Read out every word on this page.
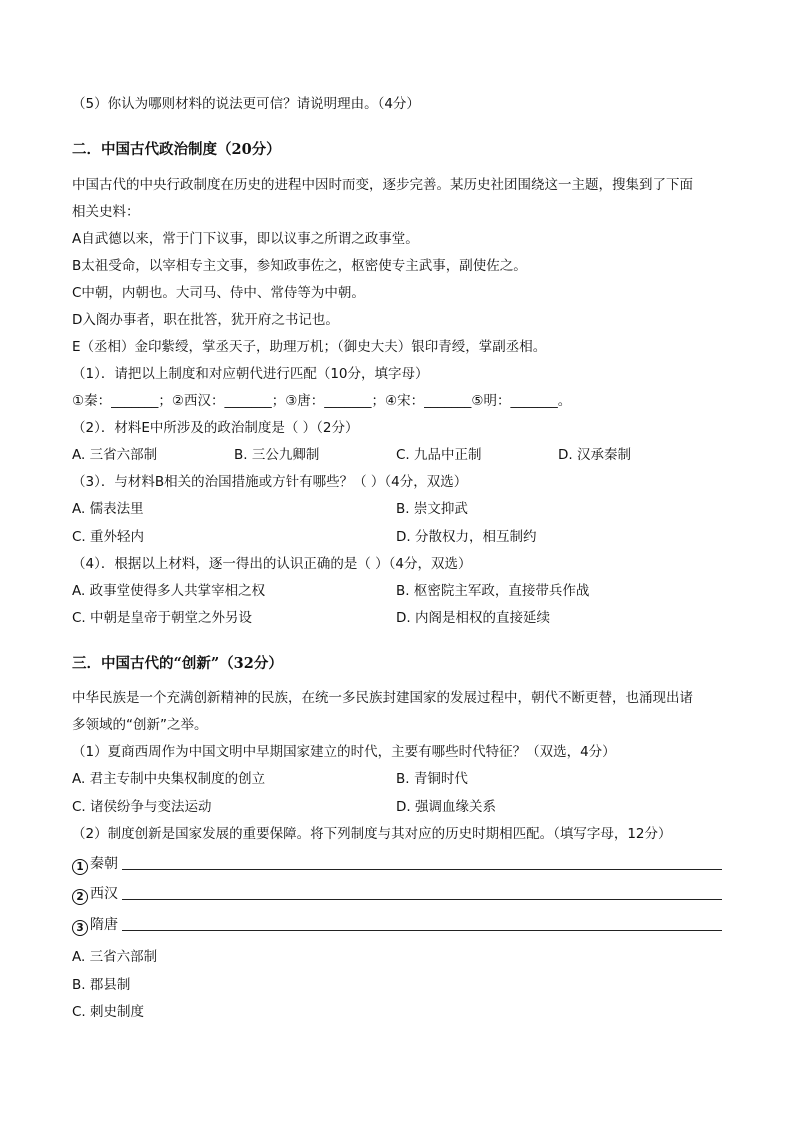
（5）你认为哪则材料的说法更可信？请说明理由。（4分）
二．中国古代政治制度（20分）
中国古代的中央行政制度在历史的进程中因时而变，逐步完善。某历史社团围绕这一主题，搜集到了下面
相关史料：
A自武德以来，常于门下议事，即以议事之所谓之政事堂。
B太祖受命，以宰相专主文事，参知政事佐之，枢密使专主武事，副使佐之。
C中朝，内朝也。大司马、侍中、常侍等为中朝。
D入阁办事者，职在批答，犹开府之书记也。
E（丞相）金印紫绶，掌丞天子，助理万机；（御史大夫）银印青绶，掌副丞相。
（1）．请把以上制度和对应朝代进行匹配（10分，填字母）
①秦：_______；②西汉：_______；③唐：_______；④宋：_______⑤明：_______。
（2）．材料E中所涉及的政治制度是（ ）（2分）
A. 三省六部制	B. 三公九卿制	C. 九品中正制	D. 汉承秦制
（3）．与材料B相关的治国措施或方针有哪些？（ ）（4分，双选）
A. 儒表法里	B. 崇文抑武
C. 重外轻内	D. 分散权力，相互制约
（4）．根据以上材料，逐一得出的认识正确的是（ ）（4分，双选）
A. 政事堂使得多人共掌宰相之权	B. 枢密院主军政，直接带兵作战
C. 中朝是皇帝于朝堂之外另设	D. 内阁是相权的直接延续
三．中国古代的“创新”（32分）
中华民族是一个充满创新精神的民族，在统一多民族封建国家的发展过程中，朝代不断更替，也涌现出诸
多领域的“创新”之举。
（1）夏商西周作为中国文明中早期国家建立的时代，主要有哪些时代特征？（双选，4分）
A. 君主专制中央集权制度的创立	B. 青铜时代
C. 诸侯纷争与变法运动	D. 强调血缘关系
（2）制度创新是国家发展的重要保障。将下列制度与其对应的历史时期相匹配。（填写字母，12分）
1 秦朝
2 西汉
3 隋唐
A. 三省六部制
B. 郡县制
C. 刺史制度
